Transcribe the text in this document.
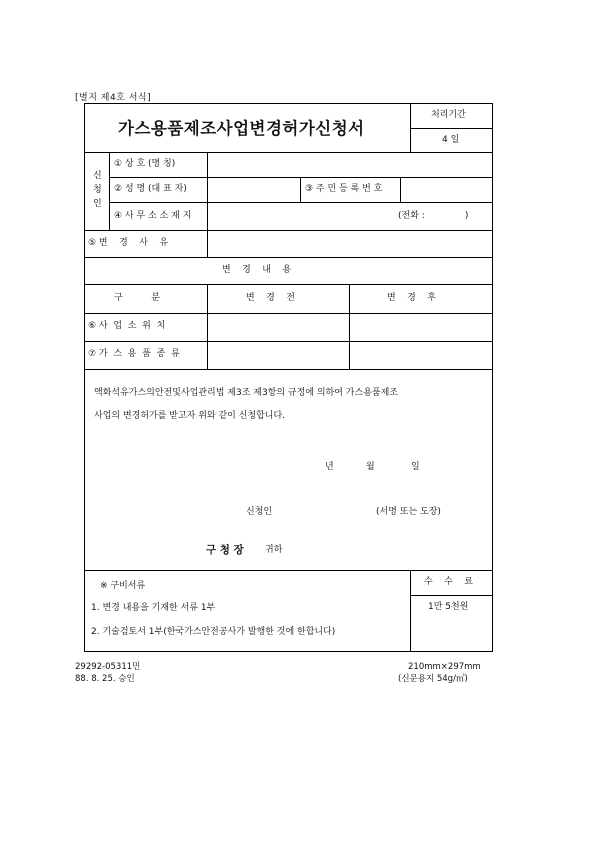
[별지 제4호 서식]
가스용품제조사업변경허가신청서
처리기간
4 일
신
청
인
① 상 호 (명 칭)
② 성 명 (대 표 자)	③ 주 민 등 록 번 호
④ 사 무 소 소 재 지	(전화 :              )
⑤ 변    경    사    유
변    경    내    용
구          분	변    경    전	변    경    후
⑥ 사  업  소  위  치
⑦ 가  스  용  품  종  류
액화석유가스의안전및사업관리법 제3조 제3항의 규정에 의하여 가스용품제조
사업의 변경허가를 받고자 위와 같이 신청합니다.
년	월	일
신청인	(서명 또는 도장)
구 청 장 귀하
※ 구비서류
1. 변경 내용을 기재한 서류 1부
2. 기술검토서 1부(한국가스안전공사가 발행한 것에 한합니다)
수    수    료
1만 5천원
29292-05311민
88. 8. 25. 승인
210mm×297mm
(신문용지 54g/㎡)
